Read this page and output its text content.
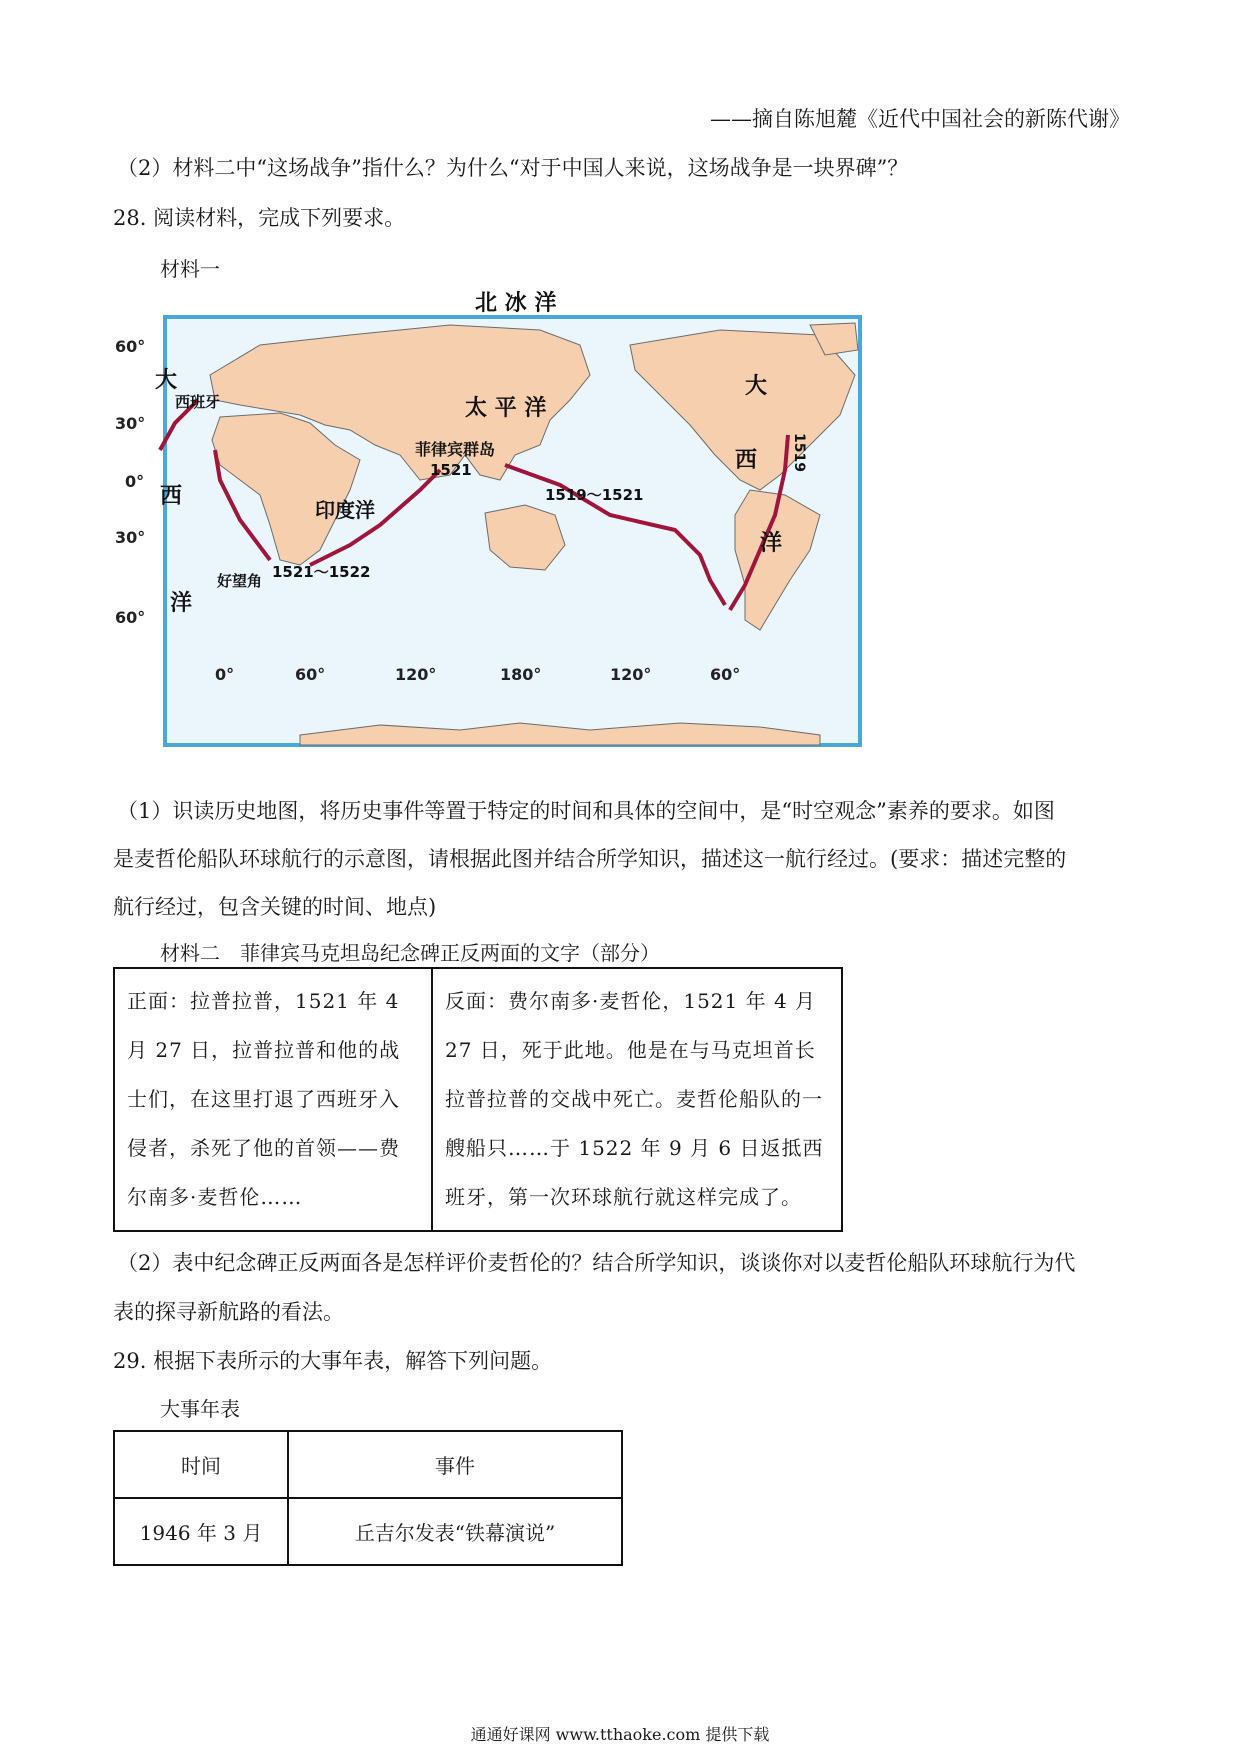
——摘自陈旭麓《近代中国社会的新陈代谢》
（2）材料二中“这场战争”指什么？为什么“对于中国人来说，这场战争是一块界碑”？
28. 阅读材料，完成下列要求。
材料一
60°
30°
0°
30°
60°
0°	60°	120°	180°	120°	60°
北 冰 洋
太 平 洋
印度洋
大
西
洋
大
西
洋
西班牙
菲律宾群岛
好望角
1519
1519～1521
1521
1521～1522
（1）识读历史地图，将历史事件等置于特定的时间和具体的空间中，是“时空观念”素养的要求。如图
是麦哲伦船队环球航行的示意图，请根据此图并结合所学知识，描述这一航行经过。(要求：描述完整的
航行经过，包含关键的时间、地点)
材料二　菲律宾马克坦岛纪念碑正反两面的文字（部分）
正面：拉普拉普，1521 年 4 月 27 日，拉普拉普和他的战士们，在这里打退了西班牙入侵者，杀死了他的首领——费尔南多·麦哲伦……	反面：费尔南多·麦哲伦，1521 年 4 月 27 日，死于此地。他是在与马克坦首长拉普拉普的交战中死亡。麦哲伦船队的一艘船只……于 1522 年 9 月 6 日返抵西班牙，第一次环球航行就这样完成了。
（2）表中纪念碑正反两面各是怎样评价麦哲伦的？结合所学知识，谈谈你对以麦哲伦船队环球航行为代
表的探寻新航路的看法。
29. 根据下表所示的大事年表，解答下列问题。
大事年表
时间	事件
1946 年 3 月	丘吉尔发表“铁幕演说”
通通好课网 www.tthaoke.com 提供下载
